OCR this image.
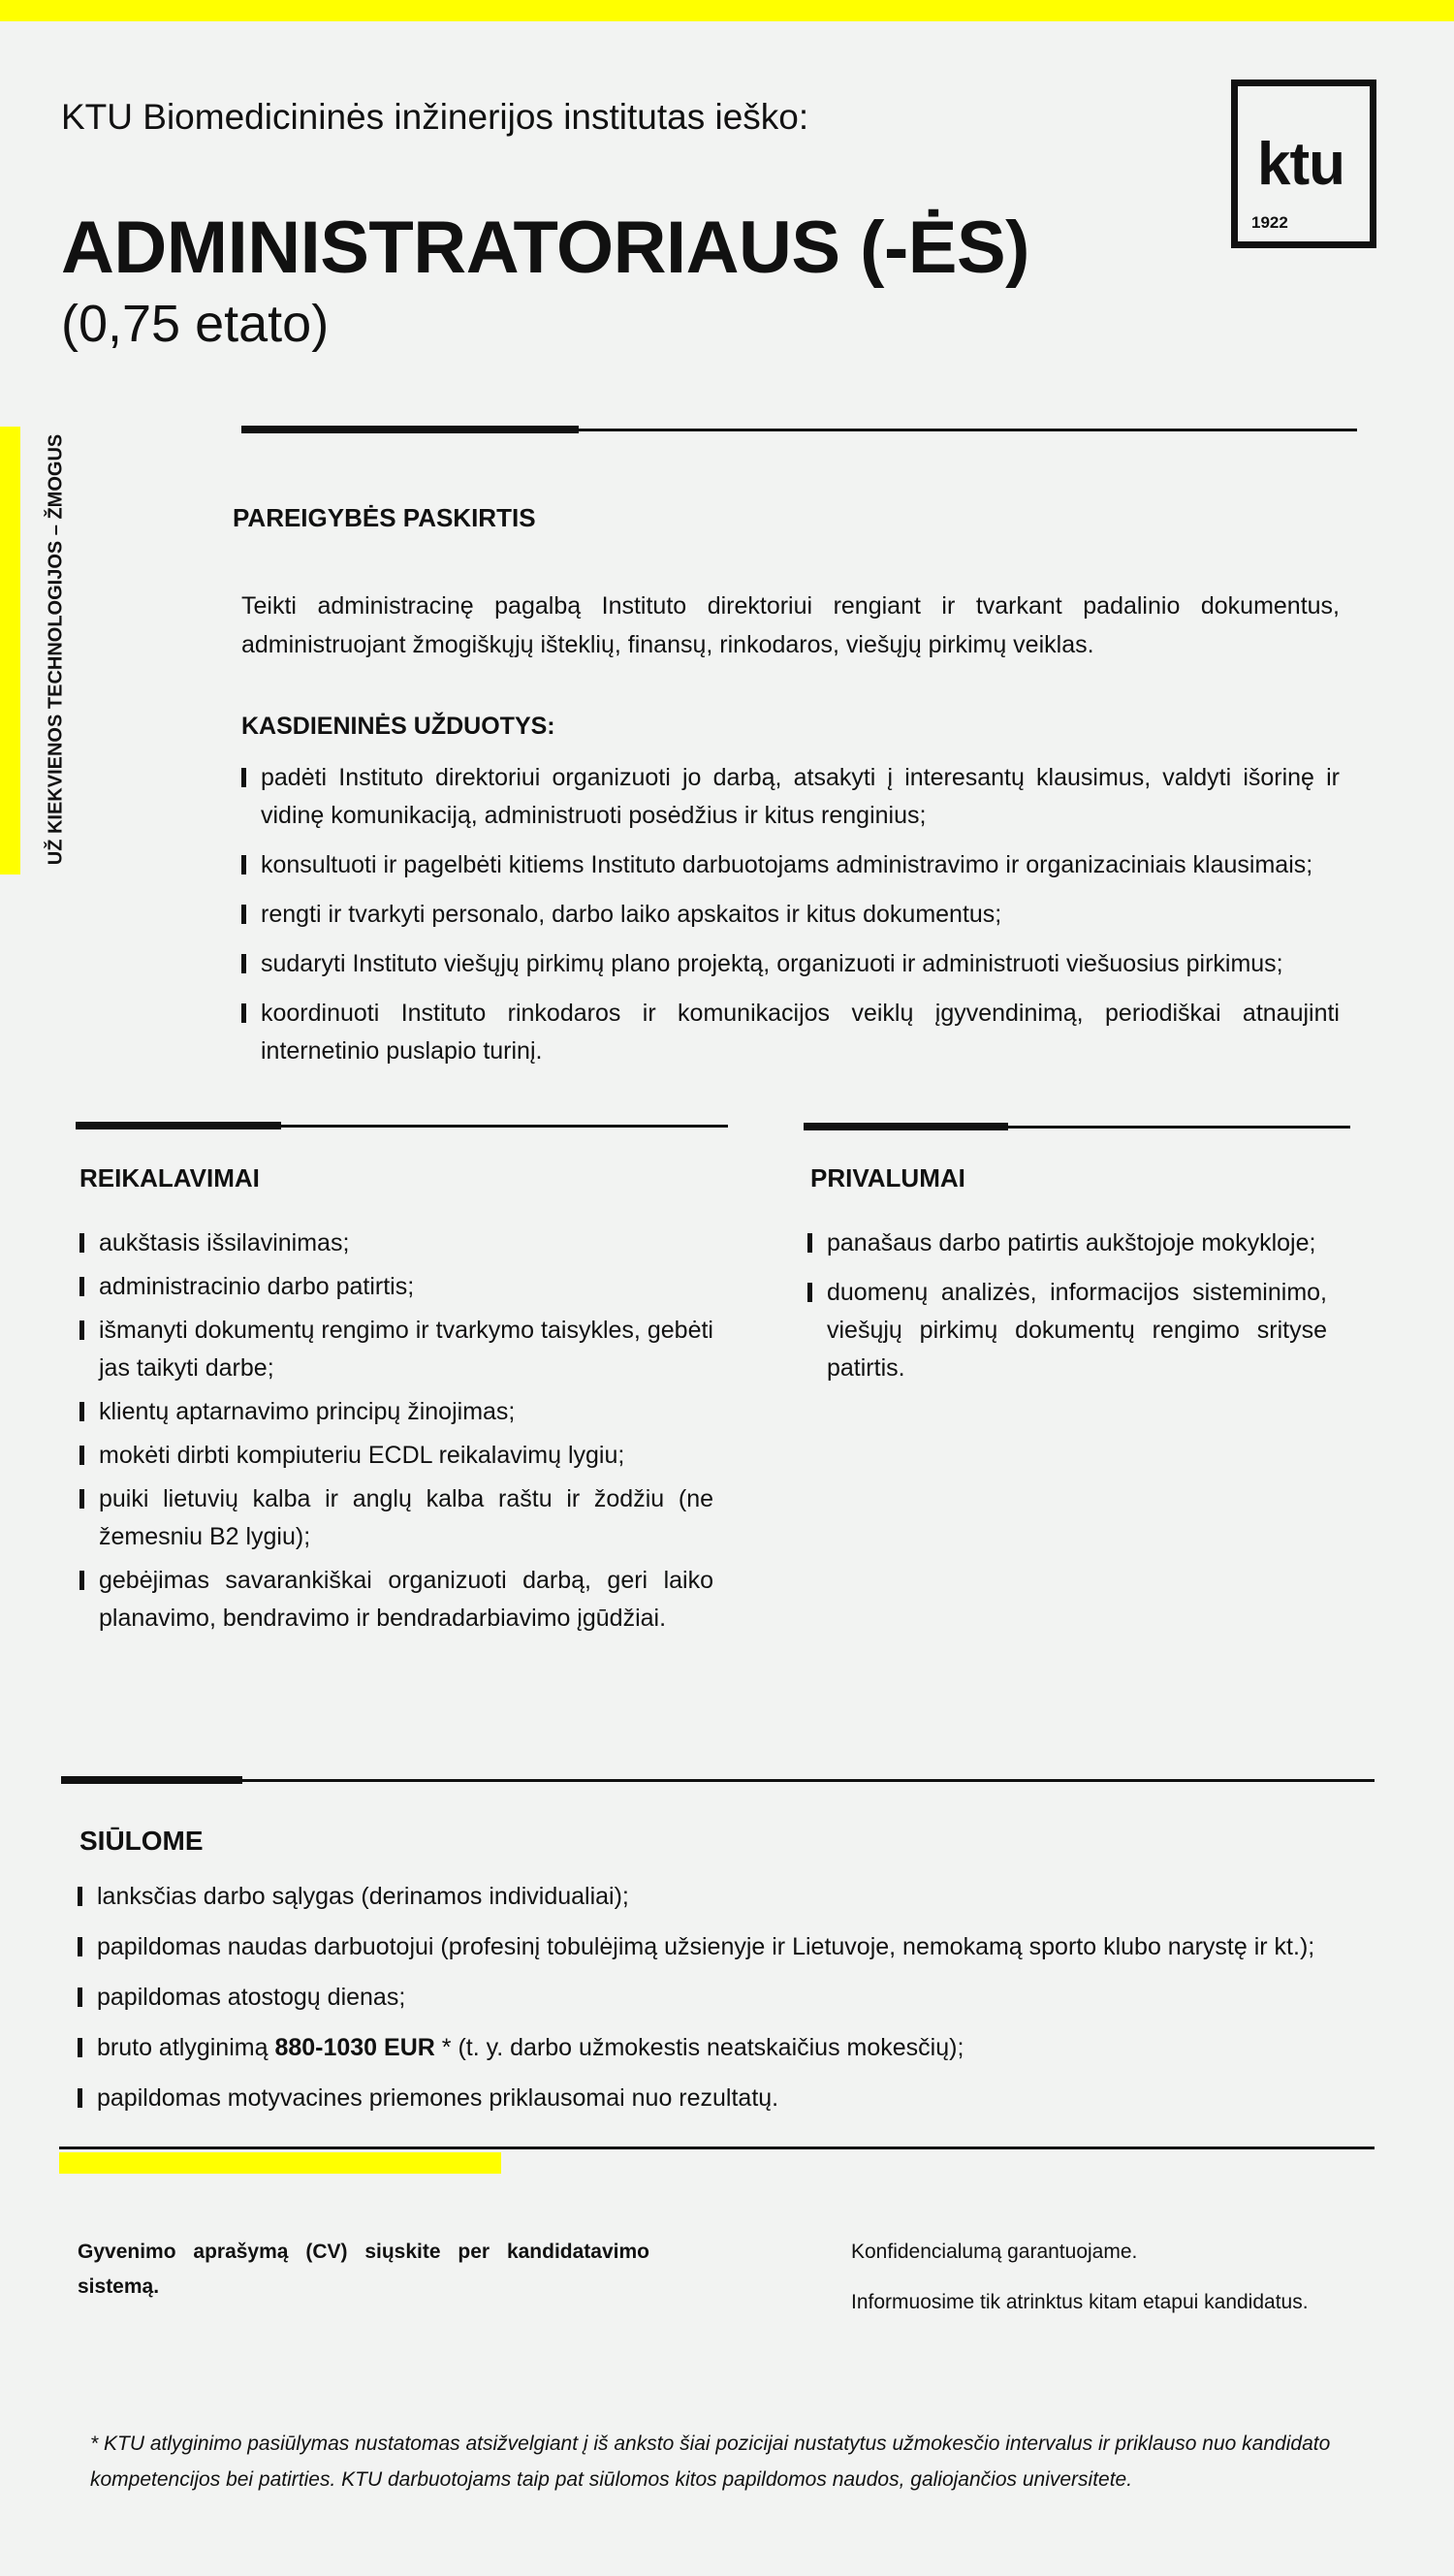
KTU Biomedicininės inžinerijos institutas ieško:
ADMINISTRATORIAUS (-ĖS)
(0,75 etato)
ktu
1922
UŽ KIEKVIENOS TECHNOLOGIJOS – ŽMOGUS	PAREIGYBĖS PASKIRTIS
Teikti administracinę pagalbą Instituto direktoriui rengiant ir tvarkant padalinio dokumentus, administruojant žmogiškųjų išteklių, finansų, rinkodaros, viešųjų pirkimų veiklas.
KASDIENINĖS UŽDUOTYS:
padėti Instituto direktoriui organizuoti jo darbą, atsakyti į interesantų klausimus, valdyti išorinę ir vidinę komunikaciją, administruoti posėdžius ir kitus renginius;
konsultuoti ir pagelbėti kitiems Instituto darbuotojams administravimo ir organizaciniais klausimais;
rengti ir tvarkyti personalo, darbo laiko apskaitos ir kitus dokumentus;
sudaryti Instituto viešųjų pirkimų plano projektą, organizuoti ir administruoti viešuosius pirkimus;
koordinuoti Instituto rinkodaros ir komunikacijos veiklų įgyvendinimą, periodiškai atnaujinti internetinio puslapio turinį.
REIKALAVIMAI
aukštasis išsilavinimas;
administracinio darbo patirtis;
išmanyti dokumentų rengimo ir tvarkymo taisykles, gebėti jas taikyti darbe;
klientų aptarnavimo principų žinojimas;
mokėti dirbti kompiuteriu ECDL reikalavimų lygiu;
puiki lietuvių kalba ir anglų kalba raštu ir žodžiu (ne žemesniu B2 lygiu);
gebėjimas savarankiškai organizuoti darbą, geri laiko planavimo, bendravimo ir bendradarbiavimo įgūdžiai.
PRIVALUMAI
panašaus darbo patirtis aukštojoje mokykloje;
duomenų analizės, informacijos sisteminimo, viešųjų pirkimų dokumentų rengimo srityse patirtis.
SIŪLOME
lanksčias darbo sąlygas (derinamos individualiai);
papildomas naudas darbuotojui (profesinį tobulėjimą užsienyje ir Lietuvoje, nemokamą sporto klubo narystę ir kt.);
papildomas atostogų dienas;
bruto atlyginimą 880-1030 EUR * (t. y. darbo užmokestis neatskaičius mokesčių);
papildomas motyvacines priemones priklausomai nuo rezultatų.
Gyvenimo aprašymą (CV) siųskite per kandidatavimo sistemą.
Konfidencialumą garantuojame.
Informuosime tik atrinktus kitam etapui kandidatus.
* KTU atlyginimo pasiūlymas nustatomas atsižvelgiant į iš anksto šiai pozicijai nustatytus užmokesčio intervalus ir priklauso nuo kandidato kompetencijos bei patirties. KTU darbuotojams taip pat siūlomos kitos papildomos naudos, galiojančios universitete.
